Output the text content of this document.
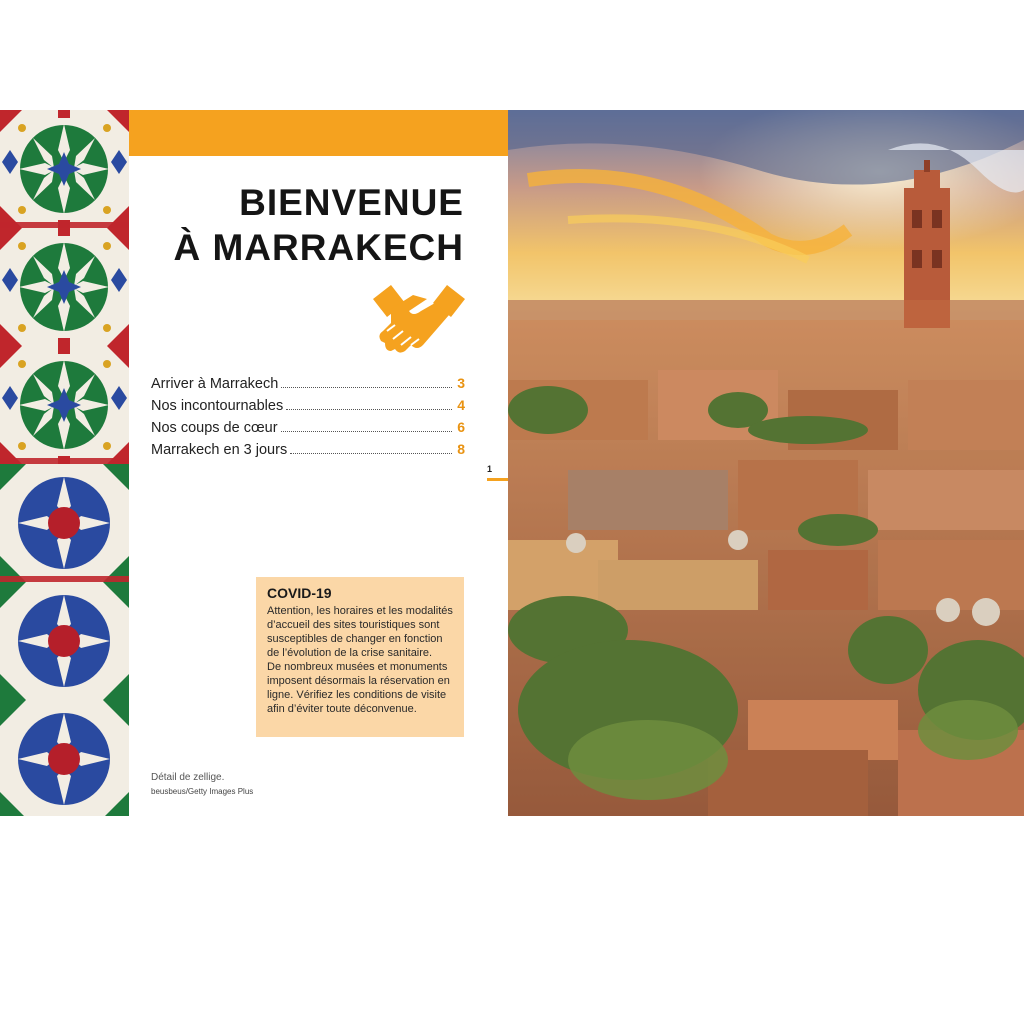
BIENVENUE
À MARRAKECH
Arriver à Marrakech	3
Nos incontournables	4
Nos coups de cœur	6
Marrakech en 3 jours	8
COVID-19

Attention, les horaires et les modalités d’accueil des sites touristiques sont susceptibles de changer en fonction de l’évolution de la crise sanitaire.

De nombreux musées et monuments imposent désormais la réservation en ligne. Vérifiez les conditions de visite afin d’éviter toute déconvenue.

Détail de zellige.
beusbeus/Getty Images Plus
1
